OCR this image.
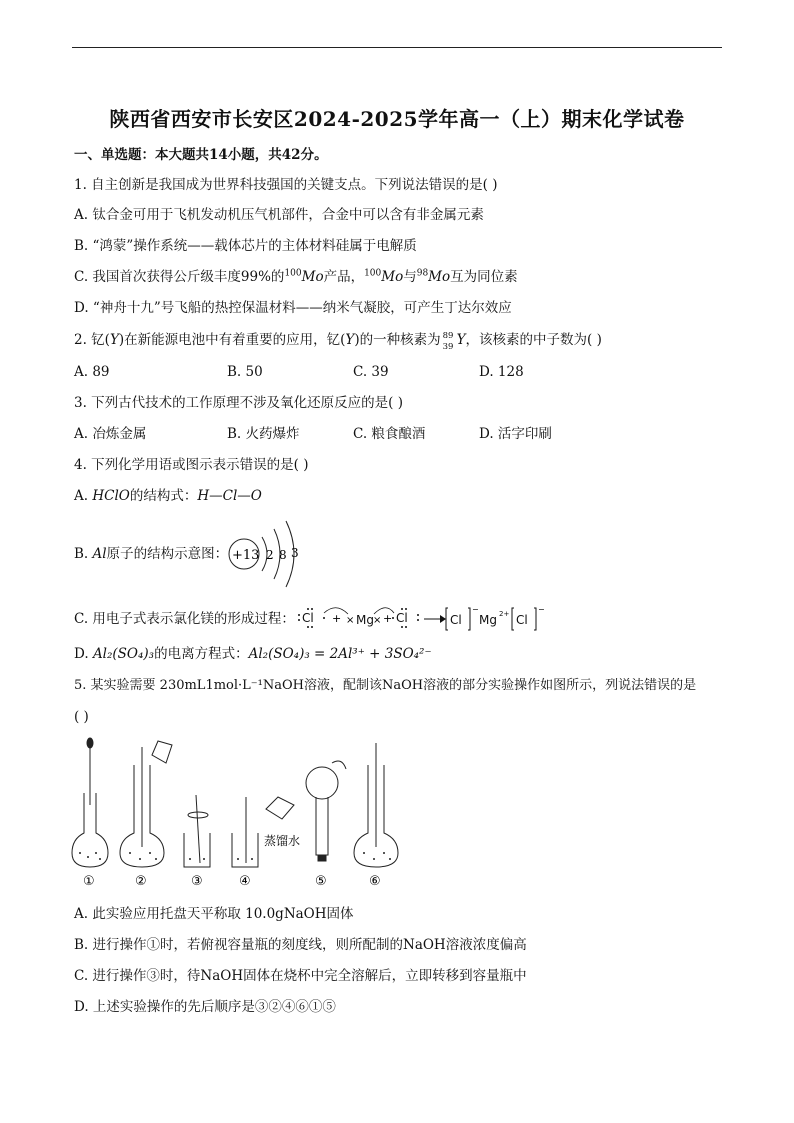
陕西省西安市长安区2024-2025学年高一（上）期末化学试卷
一、单选题：本大题共14小题，共42分。
1. 自主创新是我国成为世界科技强国的关键支点。下列说法错误的是( )
A. 钛合金可用于飞机发动机压气机部件，合金中可以含有非金属元素
B. “鸿蒙”操作系统——载体芯片的主体材料硅属于电解质
C. 我国首次获得公斤级丰度99%的$^{100}$Mo产品，$^{100}$Mo与$^{98}$Mo互为同位素
D. “神舟十九”号飞船的热控保温材料——纳米气凝胶，可产生丁达尔效应
2. 钇(Y)在新能源电池中有着重要的应用，钇(Y)的一种核素为 89
39 Y，该核素的中子数为( )
A. 89	B. 50	C. 39	D. 128
3. 下列古代技术的工作原理不涉及氧化还原反应的是( )
A. 冶炼金属	B. 火药爆炸	C. 粮食酿酒	D. 活字印刷
4. 下列化学用语或图示表示错误的是( )
A. HClO的结构式：H—Cl—O
B. Al原子的结构示意图： +13 2 8 3
C. 用电子式表示氯化镁的形成过程： Cl	Mg Cl	Cl Mg 2+ Cl
+ × × +
−	−
D. Al₂(SO₄)₃的电离方程式：Al₂(SO₄)₃ = 2Al³⁺ + 3SO₄²⁻
5. 某实验需要 230mL1mol·L⁻¹NaOH溶液，配制该NaOH溶液的部分实验操作如图所示，列说法错误的是
( )
蒸馏水
①	②	③	④	⑤	⑥
A. 此实验应用托盘天平称取 10.0gNaOH固体
B. 进行操作①时，若俯视容量瓶的刻度线，则所配制的NaOH溶液浓度偏高
C. 进行操作③时，待NaOH固体在烧杯中完全溶解后，立即转移到容量瓶中
D. 上述实验操作的先后顺序是③②④⑥①⑤
